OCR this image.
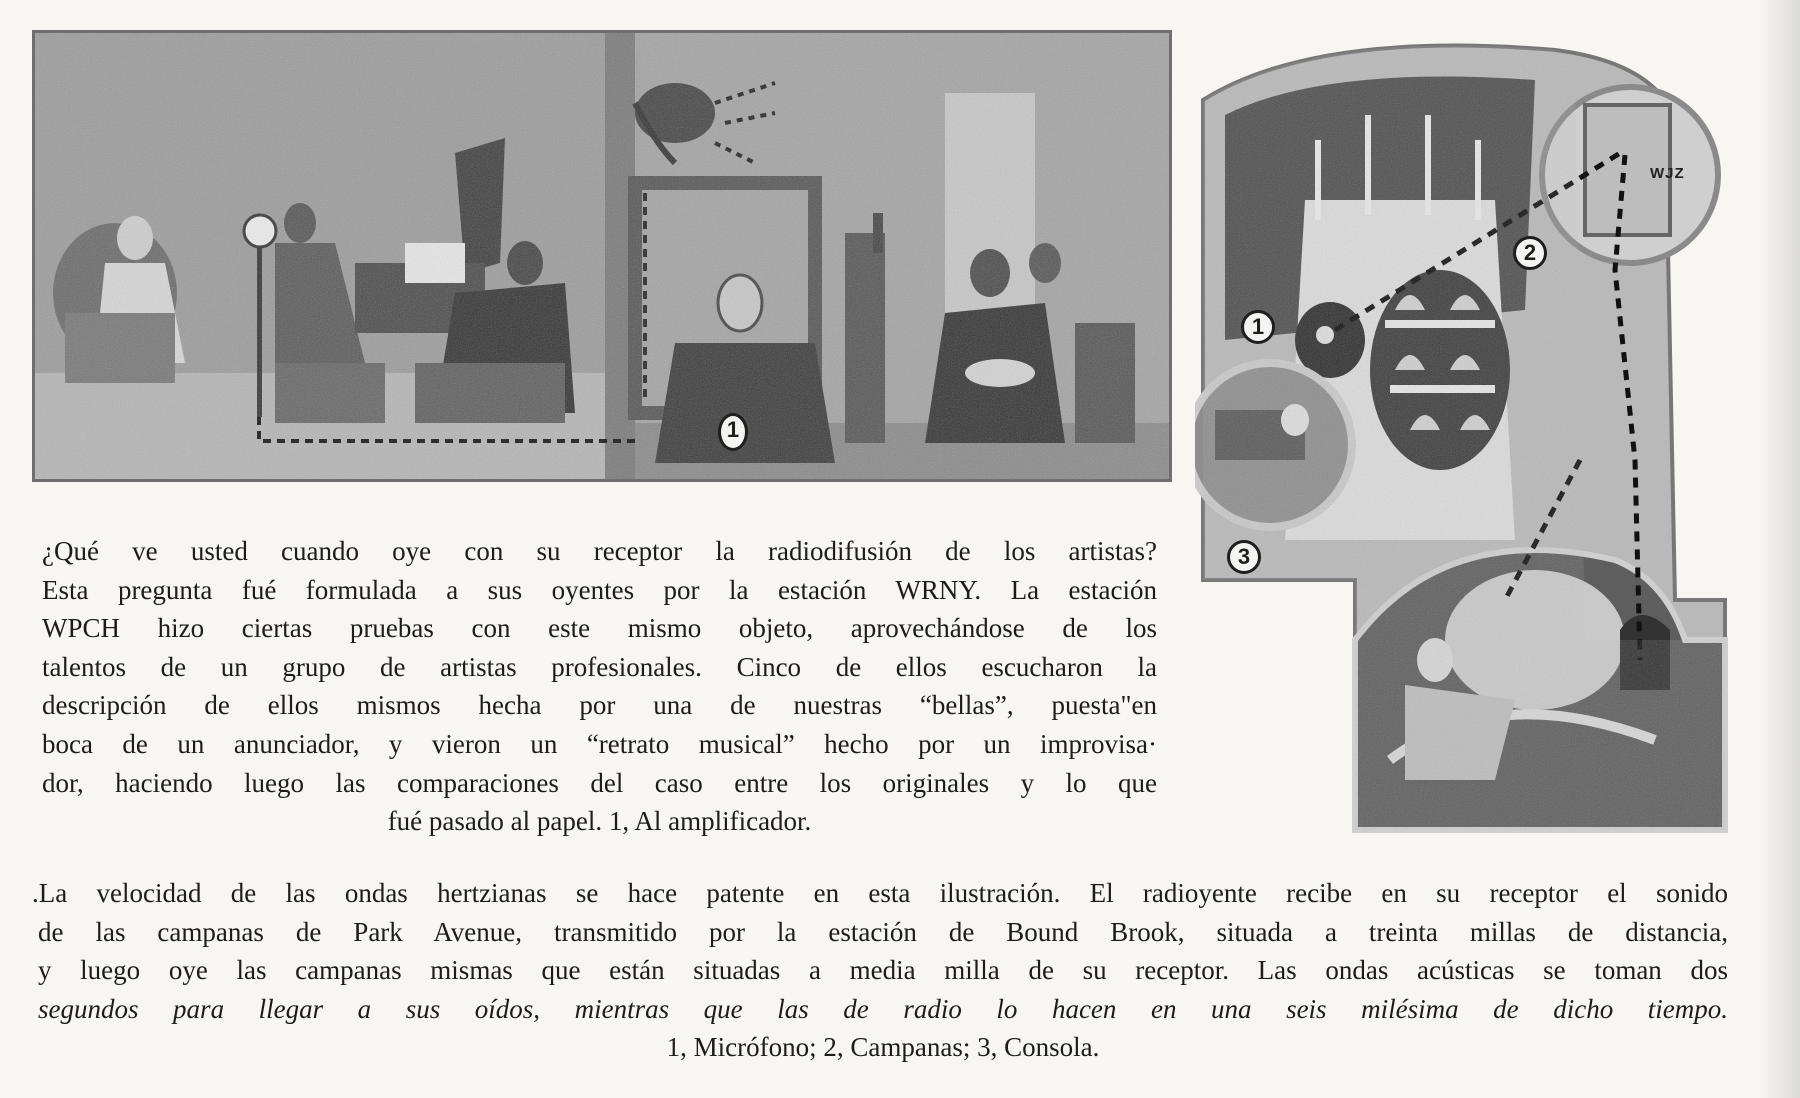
1
WJZ
1
2
3
¿Qué ve usted cuando oye con su receptor la radiodifusión de los artistas?
Esta pregunta fué formulada a sus oyentes por la estación WRNY. La estación
WPCH hizo ciertas pruebas con este mismo objeto, aprovechándose de los
talentos de un grupo de artistas profesionales. Cinco de ellos escucharon la
descripción de ellos mismos hecha por una de nuestras “bellas”, puesta"en
boca de un anunciador, y vieron un “retrato musical” hecho por un improvisa·
dor, haciendo luego las comparaciones del caso entre los originales y lo que
fué pasado al papel. 1, Al amplificador.
.La velocidad de las ondas hertzianas se hace patente en esta ilustración. El radioyente recibe en su receptor el sonido
de las campanas de Park Avenue, transmitido por la estación de Bound Brook, situada a treinta millas de distancia,
y luego oye las campanas mismas que están situadas a media milla de su receptor. Las ondas acústicas se toman dos
segundos para llegar a sus oídos, mientras que las de radio lo hacen en una seis milésima de dicho tiempo.
1, Micrófono; 2, Campanas; 3, Consola.
